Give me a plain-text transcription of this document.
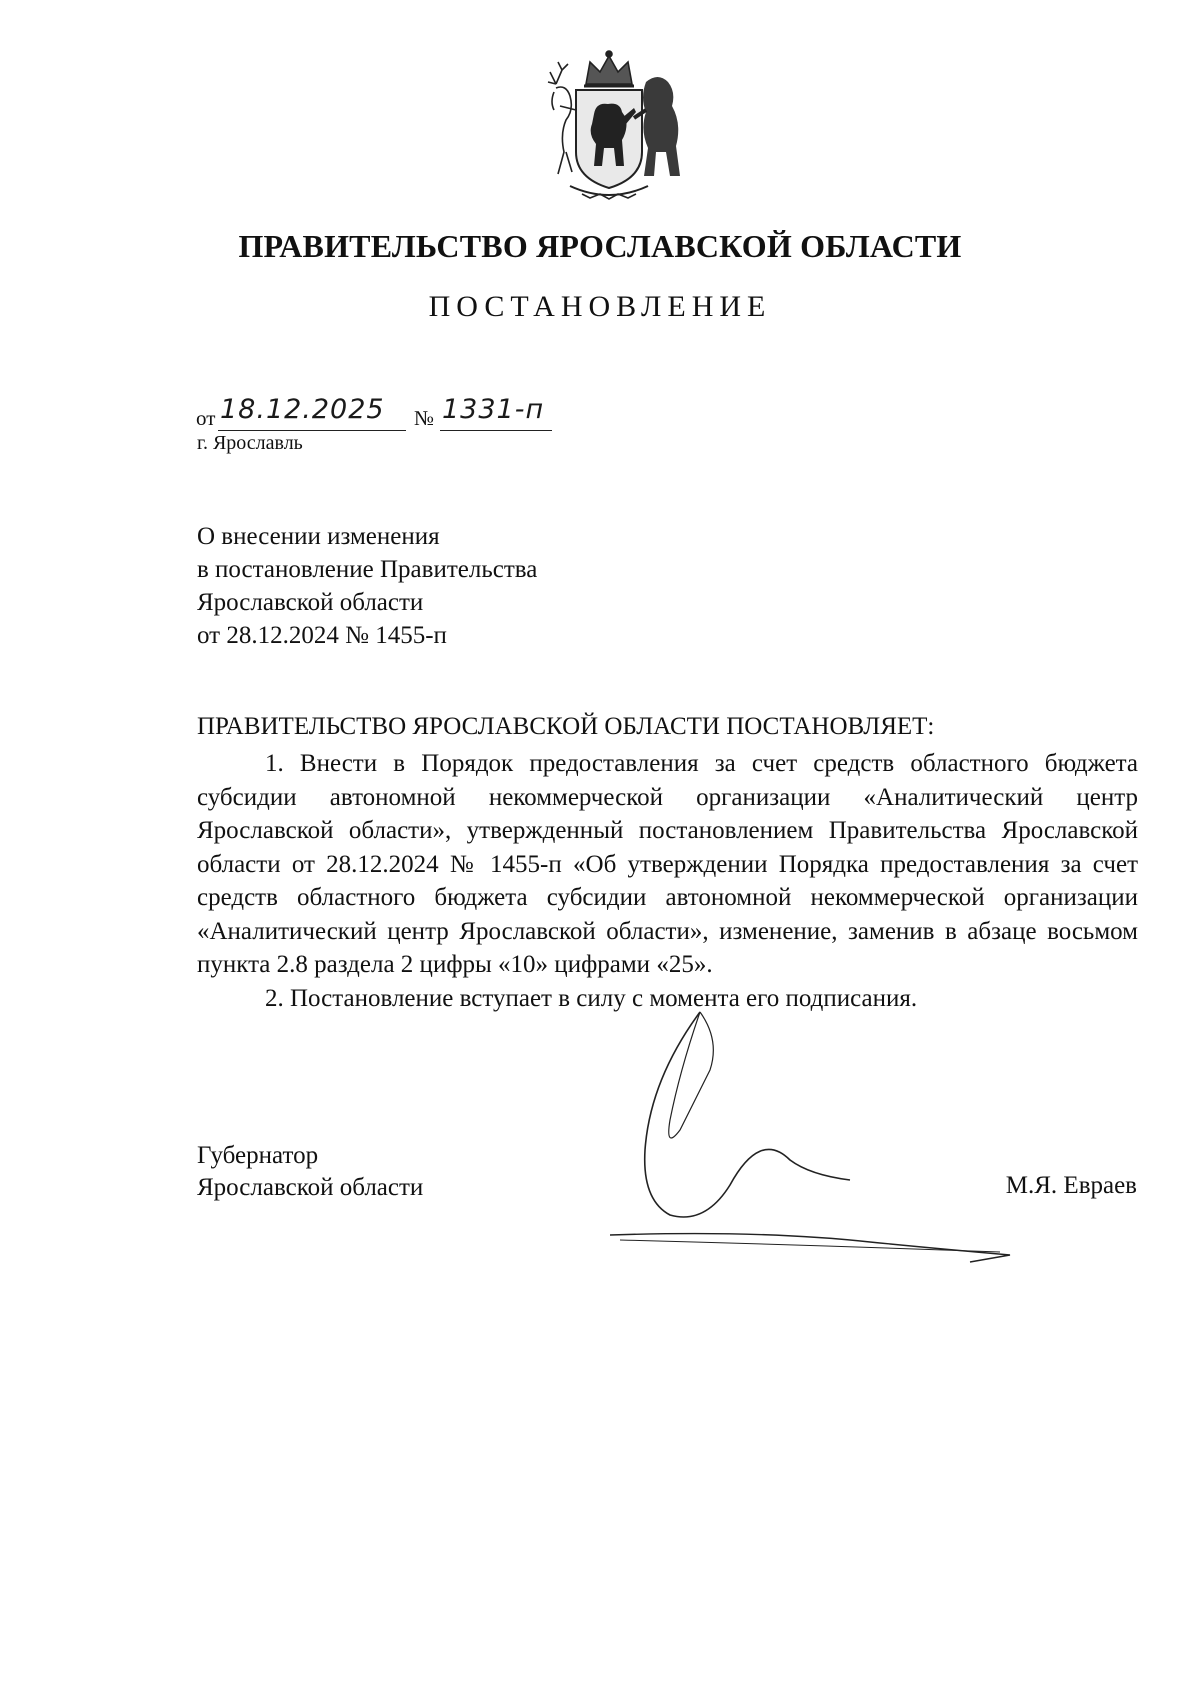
ПРАВИТЕЛЬСТВО ЯРОСЛАВСКОЙ ОБЛАСТИ
ПОСТАНОВЛЕНИЕ
от 18.12.2025 № 1331-п
г. Ярославль
О внесении изменения
в постановление Правительства
Ярославской области
от 28.12.2024 № 1455-п
ПРАВИТЕЛЬСТВО ЯРОСЛАВСКОЙ ОБЛАСТИ ПОСТАНОВЛЯЕТ:

1. Внести в Порядок предоставления за счет средств областного бюджета субсидии автономной некоммерческой организации «Аналитический центр Ярославской области», утвержденный постановлением Правительства Ярославской области от 28.12.2024 № 1455-п «Об утверждении Порядка предоставления за счет средств областного бюджета субсидии автономной некоммерческой организации «Аналитический центр Ярославской области», изменение, заменив в абзаце восьмом пункта 2.8 раздела 2 цифры «10» цифрами «25».

2. Постановление вступает в силу с момента его подписания.

Губернатор
Ярославской области	М.Я. Евраев
